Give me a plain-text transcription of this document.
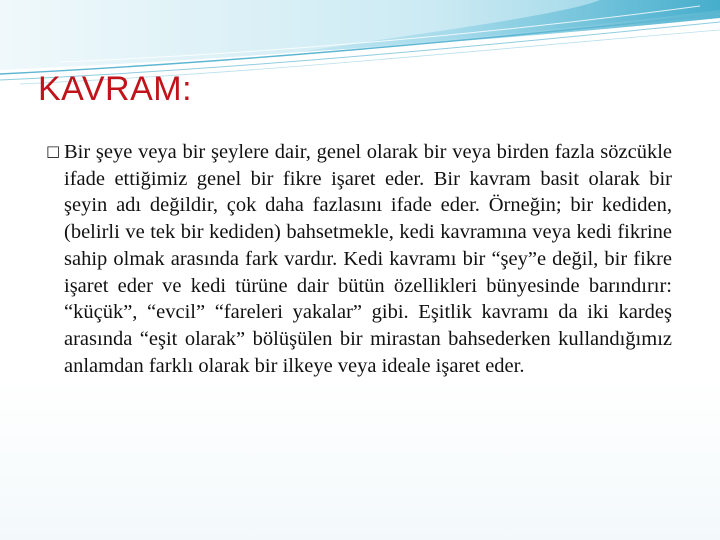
KAVRAM:

□ Bir şeye veya bir şeylere dair, genel olarak bir veya birden fazla sözcükle ifade ettiğimiz genel bir fikre işaret eder. Bir kavram basit olarak bir şeyin adı değildir, çok daha fazlasını ifade eder. Örneğin; bir kediden, (belirli ve tek bir kediden) bahsetmekle, kedi kavramına veya kedi fikrine sahip olmak arasında fark vardır. Kedi kavramı bir “şey”e değil, bir fikre işaret eder ve kedi türüne dair bütün özellikleri bünyesinde barındırır: “küçük”, “evcil” “fareleri yakalar” gibi. Eşitlik kavramı da iki kardeş arasında “eşit olarak” bölüşülen bir mirastan bahsederken kullandığımız anlamdan farklı olarak bir ilkeye veya ideale işaret eder.
